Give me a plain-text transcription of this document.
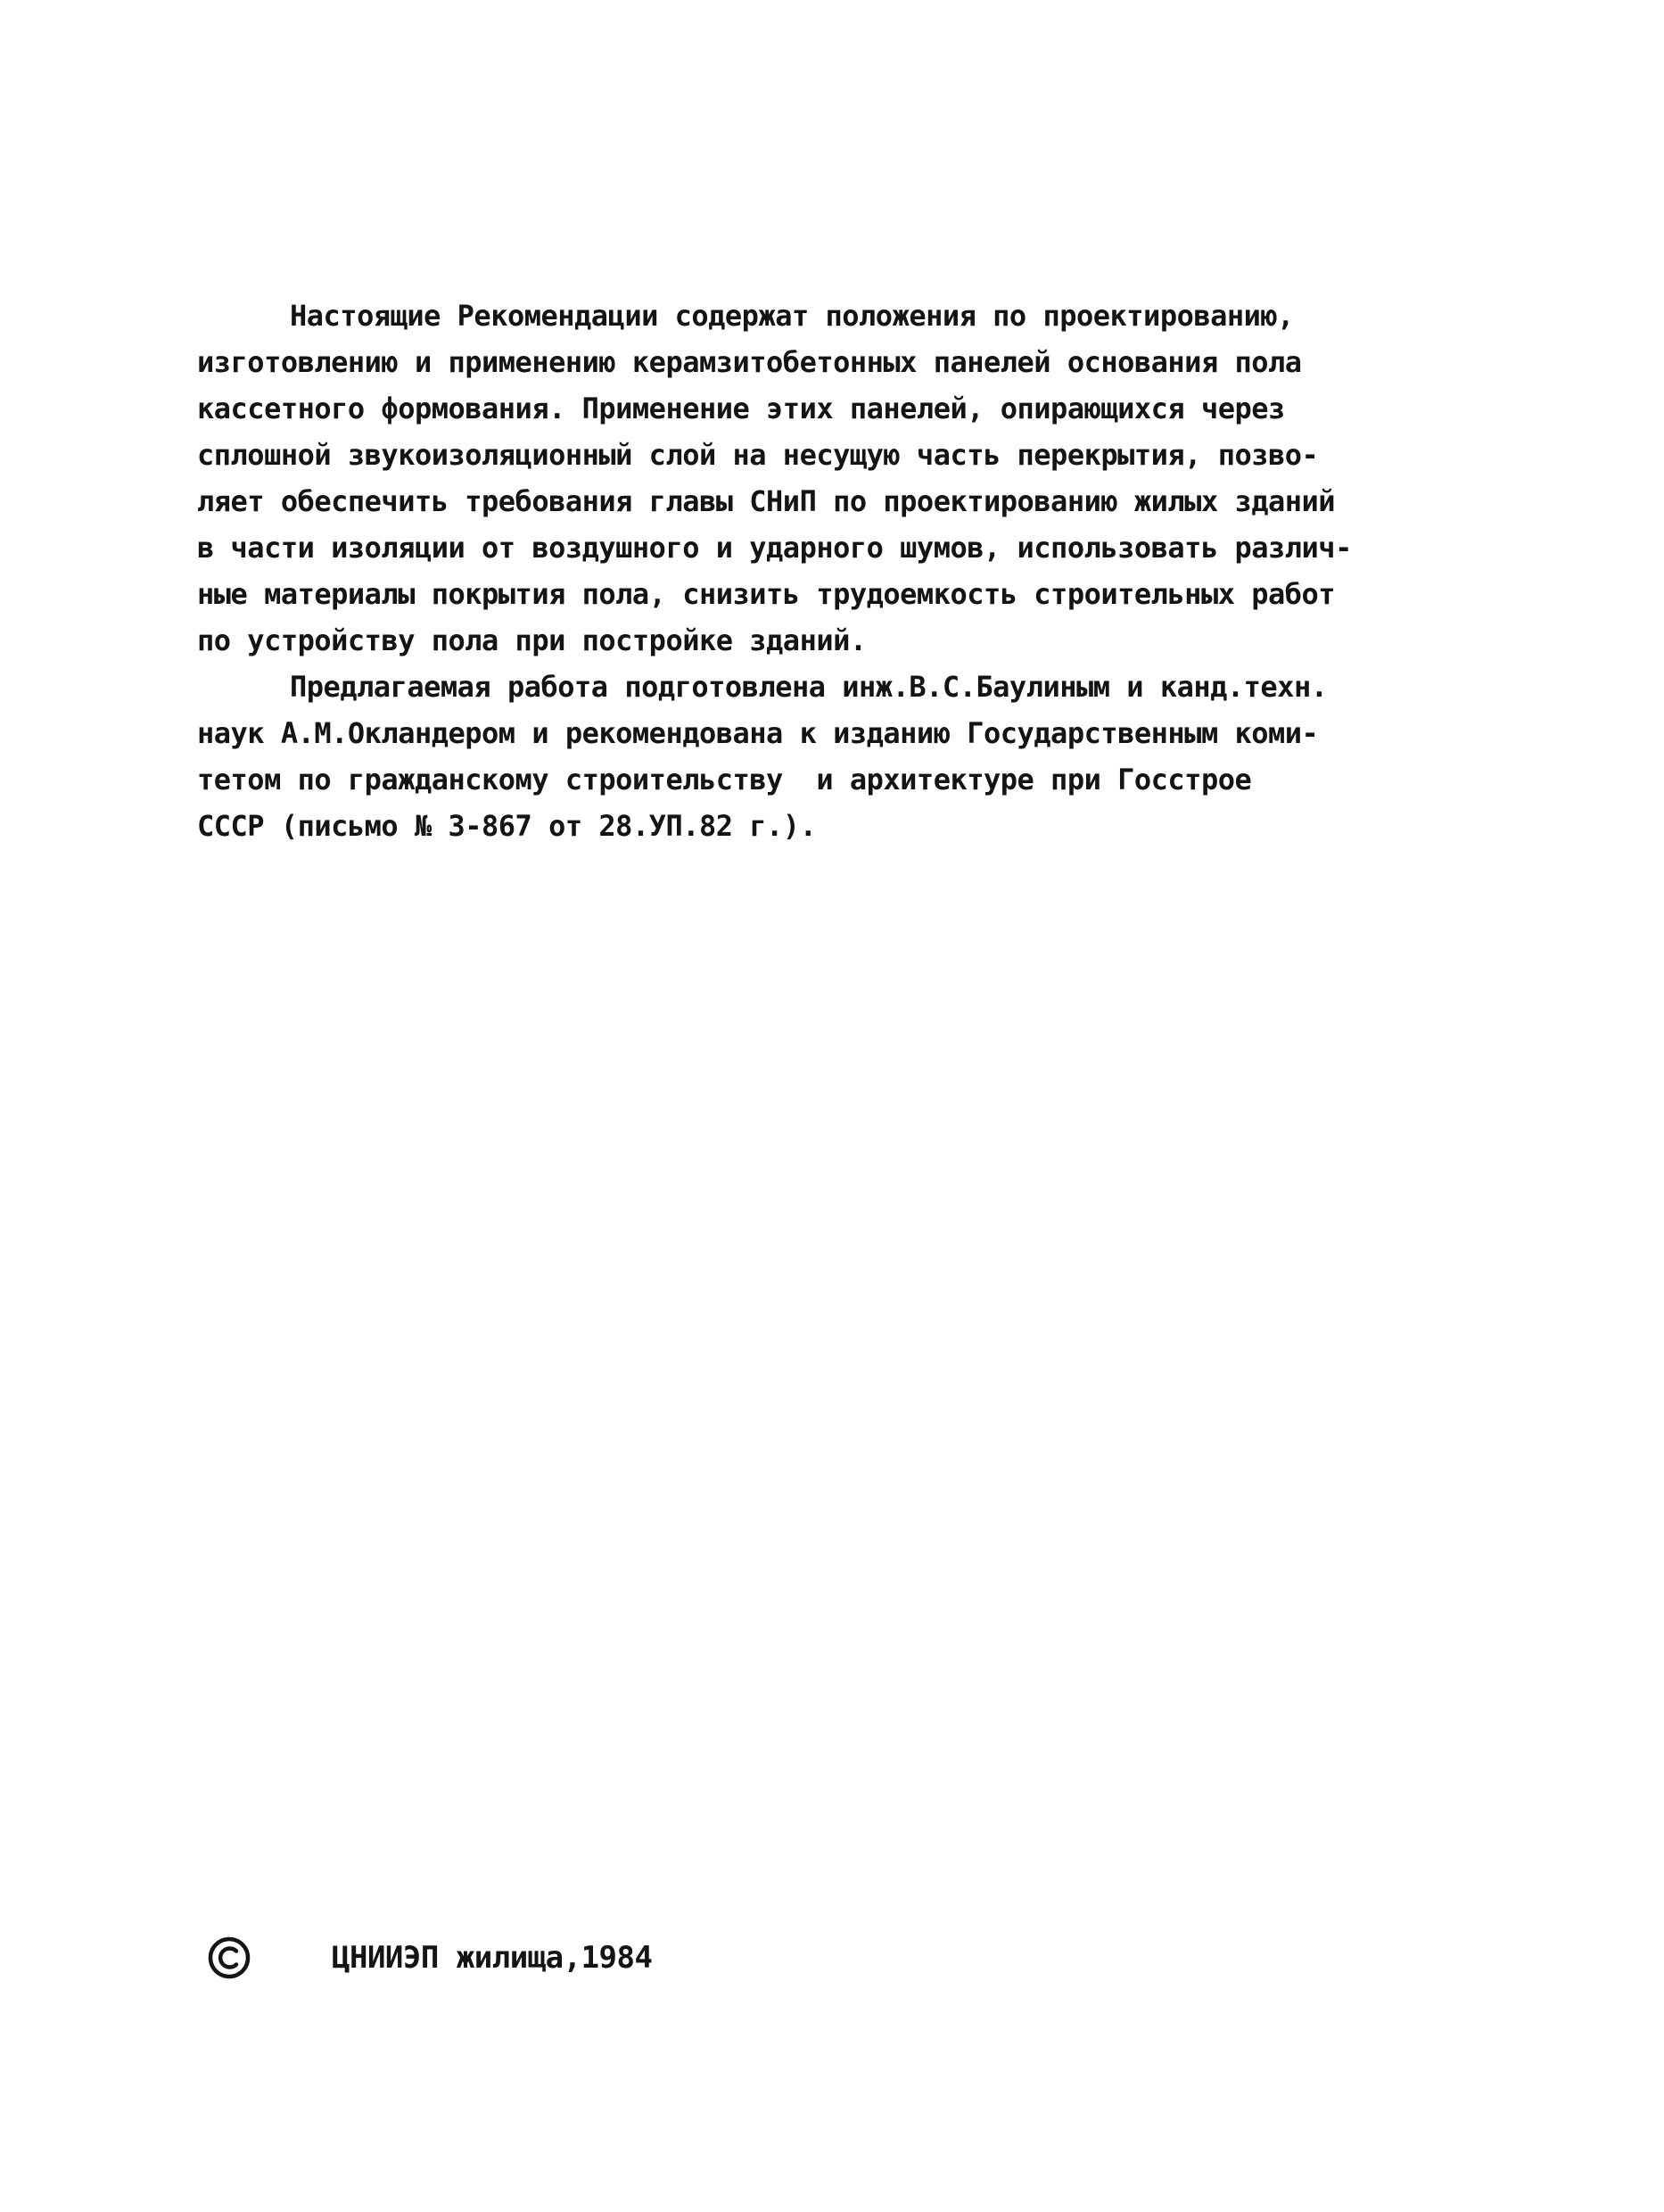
Настоящие Рекомендации содержат положения по проектированию,
изготовлению и применению керамзитобетонных панелей основания пола
кассетного формования. Применение этих панелей, опирающихся через
сплошной звукоизоляционный слой на несущую часть перекрытия, позво-
ляет обеспечить требования главы СНиП по проектированию жилых зданий
в части изоляции от воздушного и ударного шумов, использовать различ-
ные материалы покрытия пола, снизить трудоемкость строительных работ
по устройству пола при постройке зданий.
Предлагаемая работа подготовлена инж.В.С.Баулиным и канд.техн.
наук А.М.Окландером и рекомендована к изданию Государственным коми-
тетом по гражданскому строительству  и архитектуре при Госстрое
СССР (письмо № 3-867 от 28.УП.82 г.).
ЦНИИЭП жилища,1984
